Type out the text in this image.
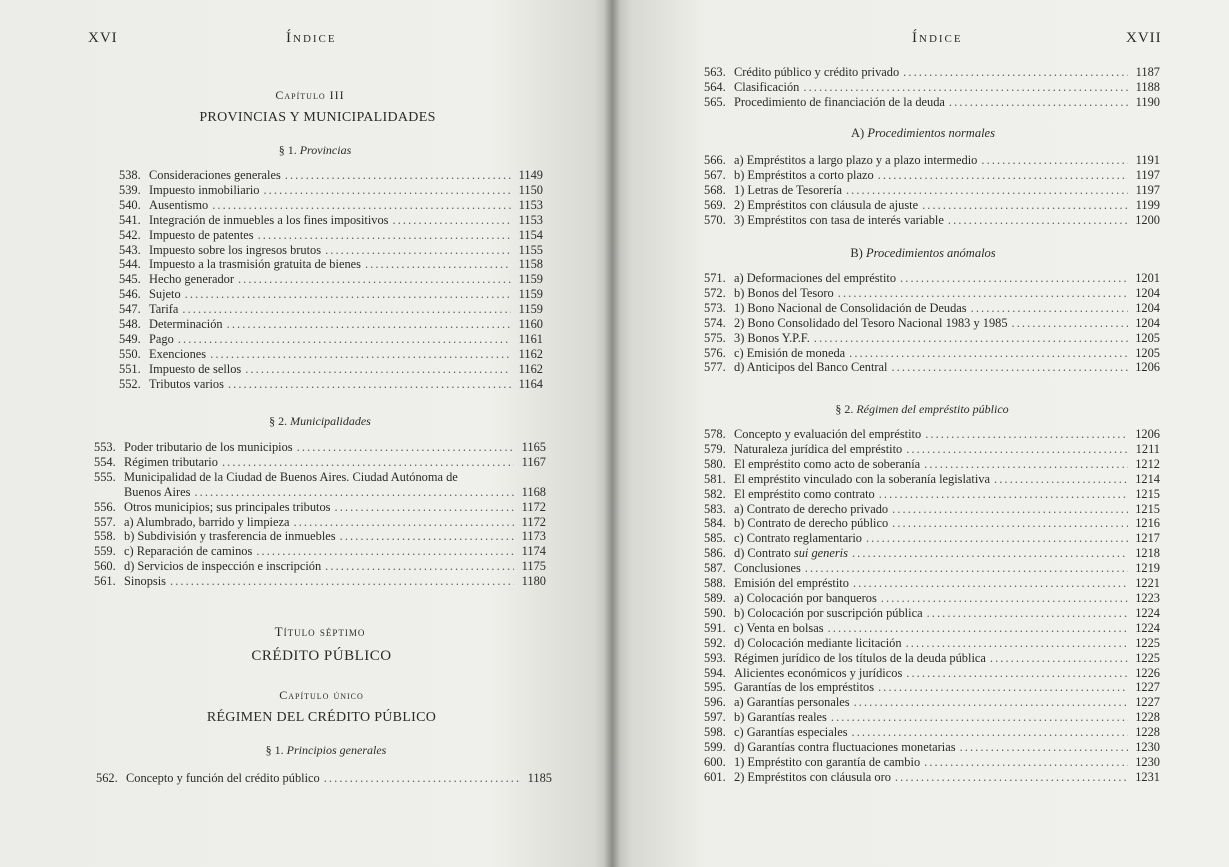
XVI	Índice
Capítulo III
PROVINCIAS Y MUNICIPALIDADES
§ 1. Provincias
538. Consideraciones generales . . .	1149
539. Impuesto inmobiliario . . .	1150
540. Ausentismo . . .	1153
541. Integración de inmuebles a los fines impositivos . . .	1153
542. Impuesto de patentes . . .	1154
543. Impuesto sobre los ingresos brutos . . .	1155
544. Impuesto a la trasmisión gratuita de bienes . . .	1158
545. Hecho generador . . .	1159
546. Sujeto . . .	1159
547. Tarifa . . .	1159
548. Determinación . . .	1160
549. Pago . . .	1161
550. Exenciones . . .	1162
551. Impuesto de sellos . . .	1162
552. Tributos varios . . .	1164
§ 2. Municipalidades
553. Poder tributario de los municipios . . .	1165
554. Régimen tributario . . .	1167
555. Municipalidad de la Ciudad de Buenos Aires. Ciudad Autónoma de
Buenos Aires . . .	1168
556. Otros municipios; sus principales tributos . . .	1172
557. a) Alumbrado, barrido y limpieza . . .	1172
558. b) Subdivisión y trasferencia de inmuebles . . .	1173
559. c) Reparación de caminos . . .	1174
560. d) Servicios de inspección e inscripción . . .	1175
561. Sinopsis . . .	1180
Título séptimo
CRÉDITO PÚBLICO
Capítulo único
RÉGIMEN DEL CRÉDITO PÚBLICO
§ 1. Principios generales
562. Concepto y función del crédito público . . .	1185
Índice	XVII
563. Crédito público y crédito privado . . .	1187
564. Clasificación . . .	1188
565. Procedimiento de financiación de la deuda . . .	1190
A) Procedimientos normales
566. a) Empréstitos a largo plazo y a plazo intermedio . . .	1191
567. b) Empréstitos a corto plazo . . .	1197
568. 1) Letras de Tesorería . . .	1197
569. 2) Empréstitos con cláusula de ajuste . . .	1199
570. 3) Empréstitos con tasa de interés variable . . .	1200
B) Procedimientos anómalos
571. a) Deformaciones del empréstito . . .	1201
572. b) Bonos del Tesoro . . .	1204
573. 1) Bono Nacional de Consolidación de Deudas . . .	1204
574. 2) Bono Consolidado del Tesoro Nacional 1983 y 1985 . . .	1204
575. 3) Bonos Y.P.F. . . .	1205
576. c) Emisión de moneda . . .	1205
577. d) Anticipos del Banco Central . . .	1206
§ 2. Régimen del empréstito público
578. Concepto y evaluación del empréstito . . .	1206
579. Naturaleza jurídica del empréstito . . .	1211
580. El empréstito como acto de soberanía . . .	1212
581. El empréstito vinculado con la soberanía legislativa . . .	1214
582. El empréstito como contrato . . .	1215
583. a) Contrato de derecho privado . . .	1215
584. b) Contrato de derecho público . . .	1216
585. c) Contrato reglamentario . . .	1217
586. d) Contrato sui generis . . .	1218
587. Conclusiones . . .	1219
588. Emisión del empréstito . . .	1221
589. a) Colocación por banqueros . . .	1223
590. b) Colocación por suscripción pública . . .	1224
591. c) Venta en bolsas . . .	1224
592. d) Colocación mediante licitación . . .	1225
593. Régimen jurídico de los títulos de la deuda pública . . .	1225
594. Alicientes económicos y jurídicos . . .	1226
595. Garantías de los empréstitos . . .	1227
596. a) Garantías personales . . .	1227
597. b) Garantías reales . . .	1228
598. c) Garantías especiales . . .	1228
599. d) Garantías contra fluctuaciones monetarias . . .	1230
600. 1) Empréstito con garantía de cambio . . .	1230
601. 2) Empréstitos con cláusula oro . . .	1231
